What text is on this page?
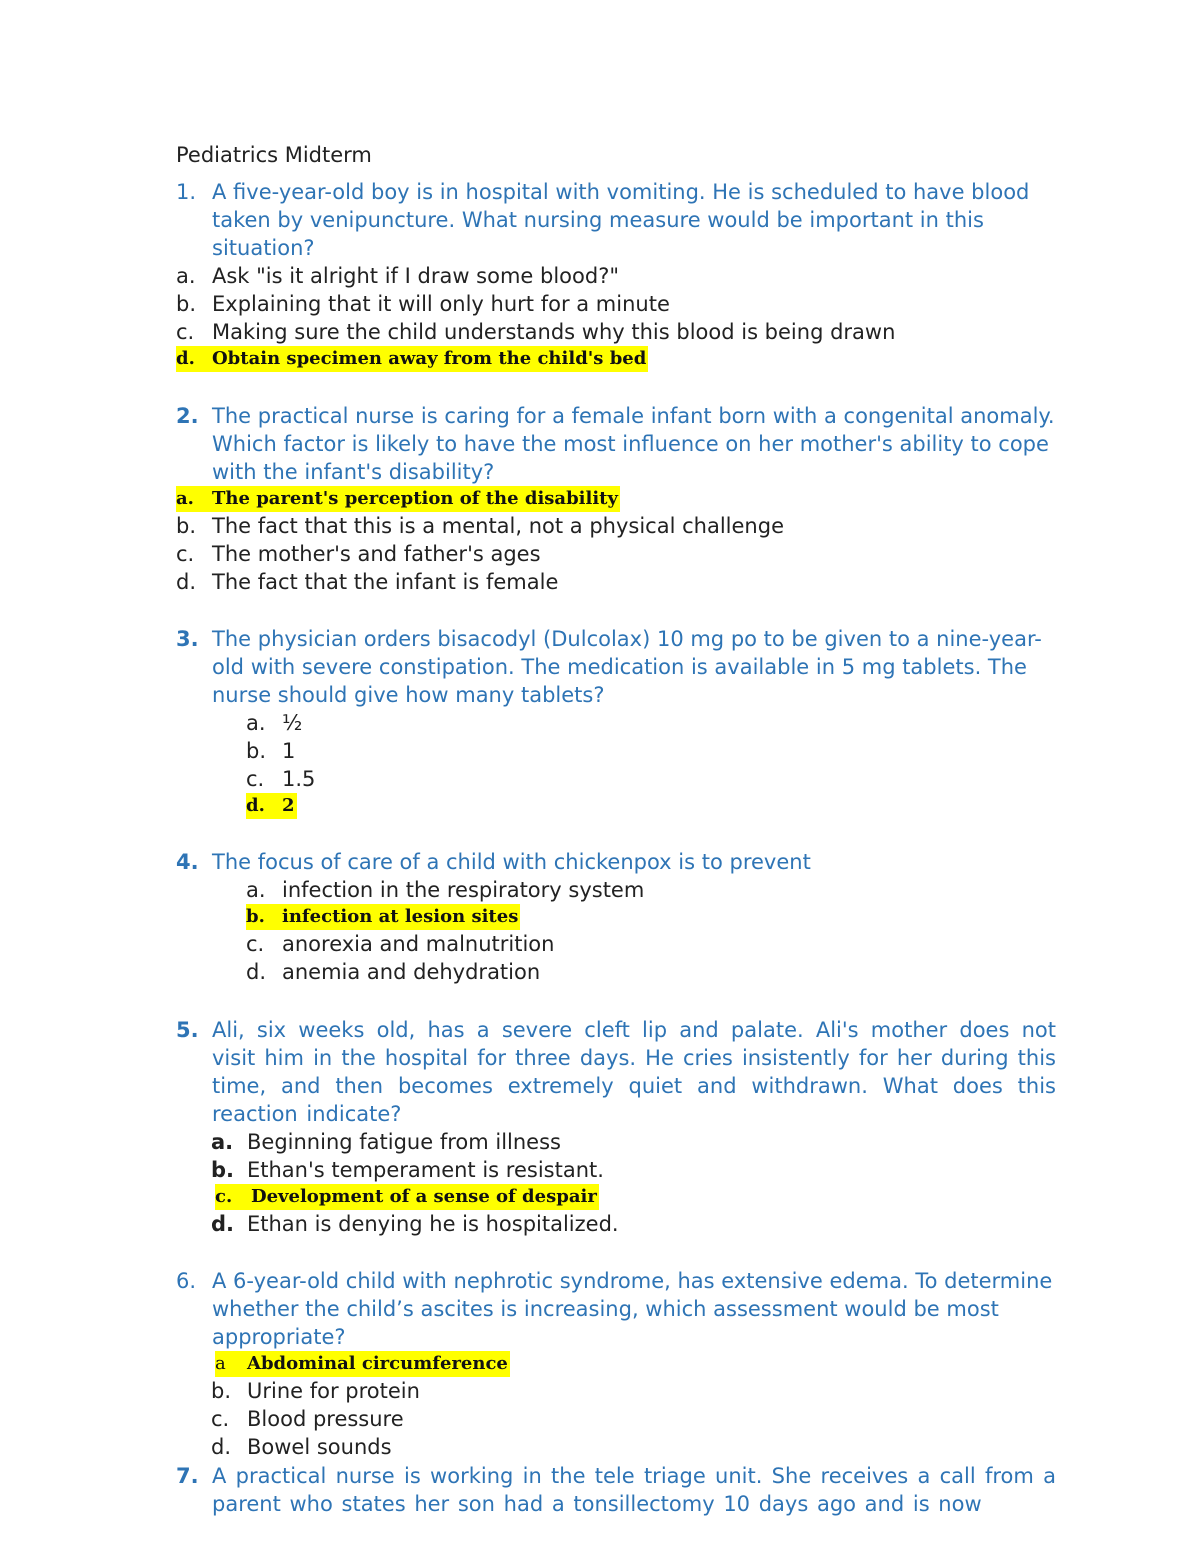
Pediatrics Midterm
1. A five-year-old boy is in hospital with vomiting. He is scheduled to have blood taken by venipuncture. What nursing measure would be important in this situation?
a. Ask "is it alright if I draw some blood?"
b. Explaining that it will only hurt for a minute
c. Making sure the child understands why this blood is being drawn
d. Obtain specimen away from the child's bed
2. The practical nurse is caring for a female infant born with a congenital anomaly. Which factor is likely to have the most influence on her mother's ability to cope with the infant's disability?
a. The parent's perception of the disability
b. The fact that this is a mental, not a physical challenge
c. The mother's and father's ages
d. The fact that the infant is female
3. The physician orders bisacodyl (Dulcolax) 10 mg po to be given to a nine-year-old with severe constipation. The medication is available in 5 mg tablets. The nurse should give how many tablets?
a. ½
b. 1
c. 1.5
d. 2
4. The focus of care of a child with chickenpox is to prevent
a. infection in the respiratory system
b. infection at lesion sites
c. anorexia and malnutrition
d. anemia and dehydration
5. Ali, six weeks old, has a severe cleft lip and palate. Ali's mother does not visit him in the hospital for three days. He cries insistently for her during this time, and then becomes extremely quiet and withdrawn. What does this reaction indicate?
a. Beginning fatigue from illness
b. Ethan's temperament is resistant.
c. Development of a sense of despair
d. Ethan is denying he is hospitalized.
6. A 6-year-old child with nephrotic syndrome, has extensive edema. To determine whether the child’s ascites is increasing, which assessment would be most appropriate?
a Abdominal circumference
b. Urine for protein
c. Blood pressure
d. Bowel sounds
7. A practical nurse is working in the tele triage unit. She receives a call from a parent who states her son had a tonsillectomy 10 days ago and is now
